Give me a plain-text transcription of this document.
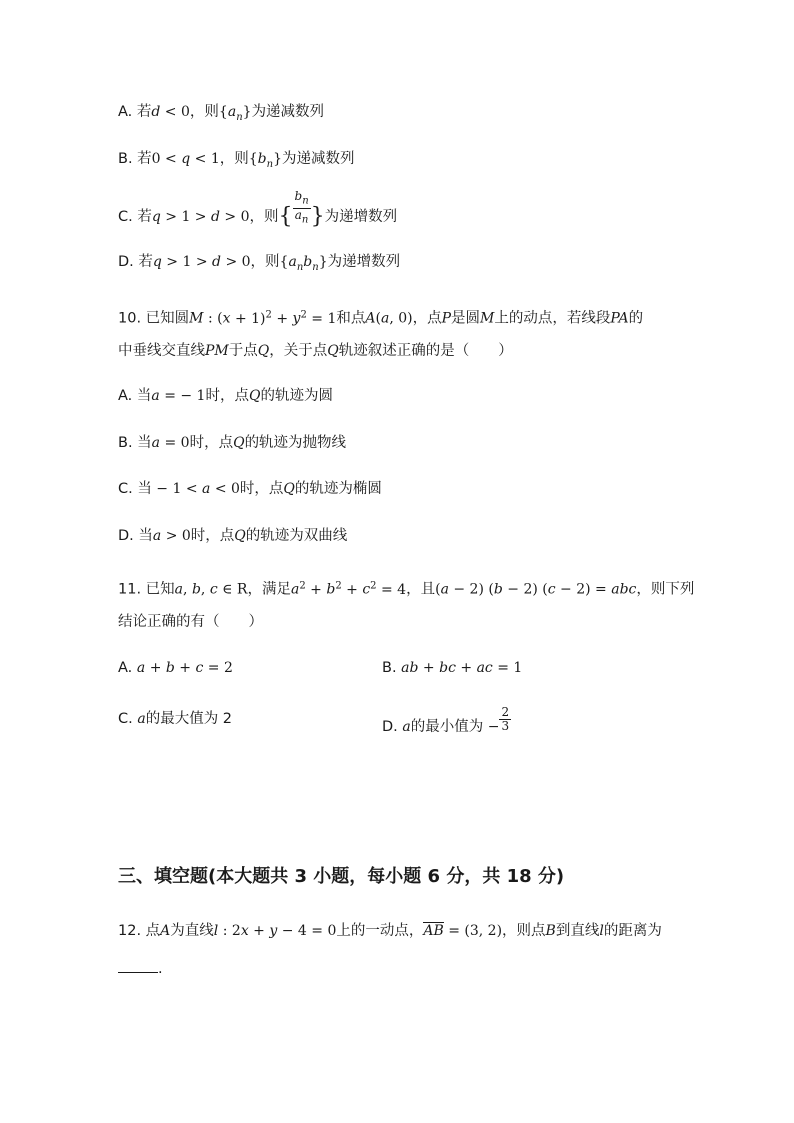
A. 若d < 0，则$\{a_n\}$为递减数列
B. 若0 < q < 1，则$\{b_n\}$为递减数列
C. 若q > 1 > d > 0，则{ $\frac{b_n}{a_n}$ }为递增数列
D. 若q > 1 > d > 0，则$\{a_nb_n\}$为递增数列
10. 已知圆M : $(x + 1)^2 + y^2 = 1$和点A(a, 0)，点P是圆M上的动点，若线段PA的
中垂线交直线PM于点Q，关于点Q轨迹叙述正确的是（　　）
A. 当a = − 1时，点Q的轨迹为圆
B. 当a = 0时，点Q的轨迹为抛物线
C. 当 − 1 < a < 0时，点Q的轨迹为椭圆
D. 当a > 0时，点Q的轨迹为双曲线
11. 已知a, b, c ∈ R，满足$a^2 + b^2 + c^2 = 4$，且(a − 2) (b − 2) (c − 2) = abc，则下列
结论正确的有（　　）
A. a + b + c = 2	B. ab + bc + ac = 1
C. a的最大值为 2	D. a的最小值为 − $\frac{2}{3}$
三、填空题(本大题共 3 小题，每小题 6 分，共 18 分)
12. 点A为直线l : 2x + y − 4 = 0上的一动点，AB = (3, 2)，则点B到直线l的距离为
.
